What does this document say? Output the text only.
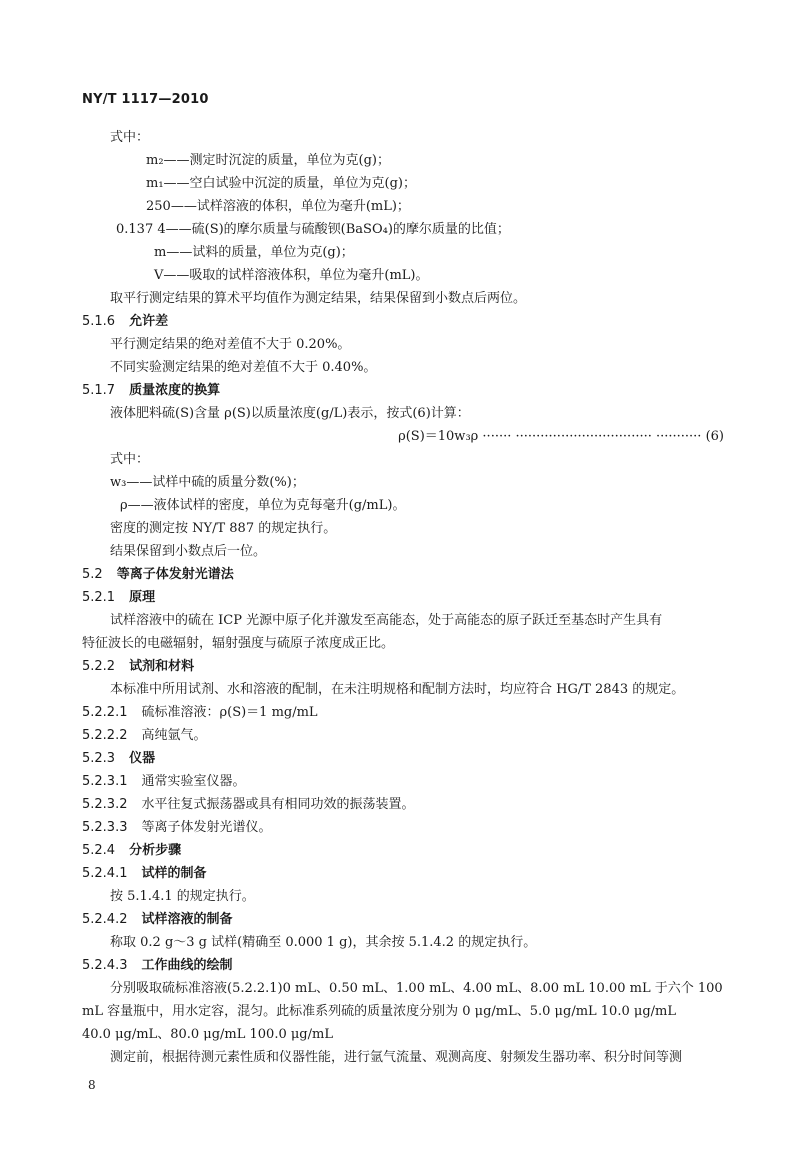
NY/T 1117—2010
式中：
m₂——测定时沉淀的质量，单位为克(g)；
m₁——空白试验中沉淀的质量，单位为克(g)；
250——试样溶液的体积，单位为毫升(mL)；
0.137 4——硫(S)的摩尔质量与硫酸钡(BaSO₄)的摩尔质量的比值；
m——试料的质量，单位为克(g)；
V——吸取的试样溶液体积，单位为毫升(mL)。
取平行测定结果的算术平均值作为测定结果，结果保留到小数点后两位。
5.1.6 允许差
平行测定结果的绝对差值不大于 0.20%。
不同实验测定结果的绝对差值不大于 0.40%。
5.1.7 质量浓度的换算
液体肥料硫(S)含量 ρ(S)以质量浓度(g/L)表示，按式(6)计算：
ρ(S)＝10w₃ρ ······· ································· ··········· (6)
式中：
w₃——试样中硫的质量分数(%)；
ρ——液体试样的密度，单位为克每毫升(g/mL)。
密度的测定按 NY/T 887 的规定执行。
结果保留到小数点后一位。
5.2 等离子体发射光谱法
5.2.1 原理
试样溶液中的硫在 ICP 光源中原子化并激发至高能态，处于高能态的原子跃迁至基态时产生具有
特征波长的电磁辐射，辐射强度与硫原子浓度成正比。
5.2.2 试剂和材料
本标准中所用试剂、水和溶液的配制，在未注明规格和配制方法时，均应符合 HG/T 2843 的规定。
5.2.2.1 硫标准溶液：ρ(S)＝1 mg/mL
5.2.2.2 高纯氩气。
5.2.3 仪器
5.2.3.1 通常实验室仪器。
5.2.3.2 水平往复式振荡器或具有相同功效的振荡装置。
5.2.3.3 等离子体发射光谱仪。
5.2.4 分析步骤
5.2.4.1 试样的制备
按 5.1.4.1 的规定执行。
5.2.4.2 试样溶液的制备
称取 0.2 g～3 g 试样(精确至 0.000 1 g)，其余按 5.1.4.2 的规定执行。
5.2.4.3 工作曲线的绘制
分别吸取硫标准溶液(5.2.2.1)0 mL、0.50 mL、1.00 mL、4.00 mL、8.00 mL 10.00 mL 于六个 100
mL 容量瓶中，用水定容，混匀。此标准系列硫的质量浓度分别为 0 μg/mL、5.0 μg/mL 10.0 μg/mL
40.0 μg/mL、80.0 μg/mL 100.0 μg/mL
测定前，根据待测元素性质和仪器性能，进行氩气流量、观测高度、射频发生器功率、积分时间等测
8
